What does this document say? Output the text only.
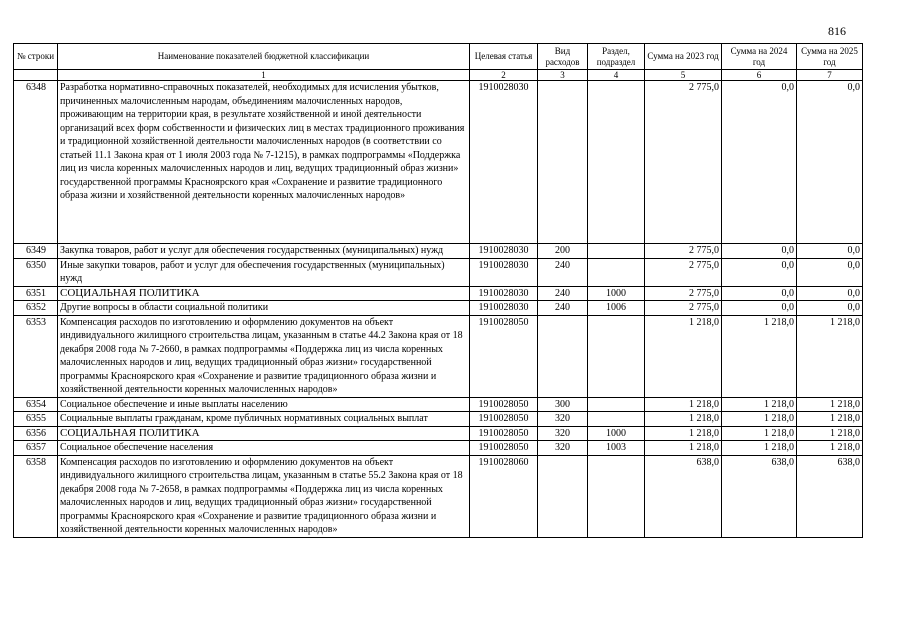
816
№ строки	Наименование показателей бюджетной классификации	Целевая статья	Вид расходов	Раздел, подраздел	Сумма на 2023 год	Сумма на 2024 год	Сумма на 2025 год
	1	2	3	4	5	6	7
6348	Разработка нормативно-справочных показателей, необходимых для исчисления убытков, причиненных малочисленным народам, объединениям малочисленных народов, проживающим на территории края, в результате хозяйственной и иной деятельности организаций всех форм собственности и физических лиц в местах традиционного проживания и традиционной хозяйственной деятельности малочисленных народов (в соответствии со статьей 11.1 Закона края от 1 июля 2003 года № 7-1215), в рамках подпрограммы «Поддержка лиц из числа коренных малочисленных народов и лиц, ведущих традиционный образ жизни» государственной программы Красноярского края «Сохранение и развитие традиционного образа жизни и хозяйственной деятельности коренных малочисленных народов»	1910028030			2 775,0	0,0	0,0
6349	Закупка товаров, работ и услуг для обеспечения государственных (муниципальных) нужд	1910028030	200		2 775,0	0,0	0,0
6350	Иные закупки товаров, работ и услуг для обеспечения государственных (муниципальных) нужд	1910028030	240		2 775,0	0,0	0,0
6351	СОЦИАЛЬНАЯ ПОЛИТИКА	1910028030	240	1000	2 775,0	0,0	0,0
6352	Другие вопросы в области социальной политики	1910028030	240	1006	2 775,0	0,0	0,0
6353	Компенсация расходов по изготовлению и оформлению документов на объект индивидуального жилищного строительства лицам, указанным в статье 44.2 Закона края от 18 декабря 2008 года № 7-2660, в рамках подпрограммы «Поддержка лиц из числа коренных малочисленных народов и лиц, ведущих традиционный образ жизни» государственной программы Красноярского края «Сохранение и развитие традиционного образа жизни и хозяйственной деятельности коренных малочисленных народов»	1910028050			1 218,0	1 218,0	1 218,0
6354	Социальное обеспечение и иные выплаты населению	1910028050	300		1 218,0	1 218,0	1 218,0
6355	Социальные выплаты гражданам, кроме публичных нормативных социальных выплат	1910028050	320		1 218,0	1 218,0	1 218,0
6356	СОЦИАЛЬНАЯ ПОЛИТИКА	1910028050	320	1000	1 218,0	1 218,0	1 218,0
6357	Социальное обеспечение населения	1910028050	320	1003	1 218,0	1 218,0	1 218,0
6358	Компенсация расходов по изготовлению и оформлению документов на объект индивидуального жилищного строительства лицам, указанным в статье 55.2 Закона края от 18 декабря 2008 года № 7-2658, в рамках подпрограммы «Поддержка лиц из числа коренных малочисленных народов и лиц, ведущих традиционный образ жизни» государственной программы Красноярского края «Сохранение и развитие традиционного образа жизни и хозяйственной деятельности коренных малочисленных народов»	1910028060			638,0	638,0	638,0
